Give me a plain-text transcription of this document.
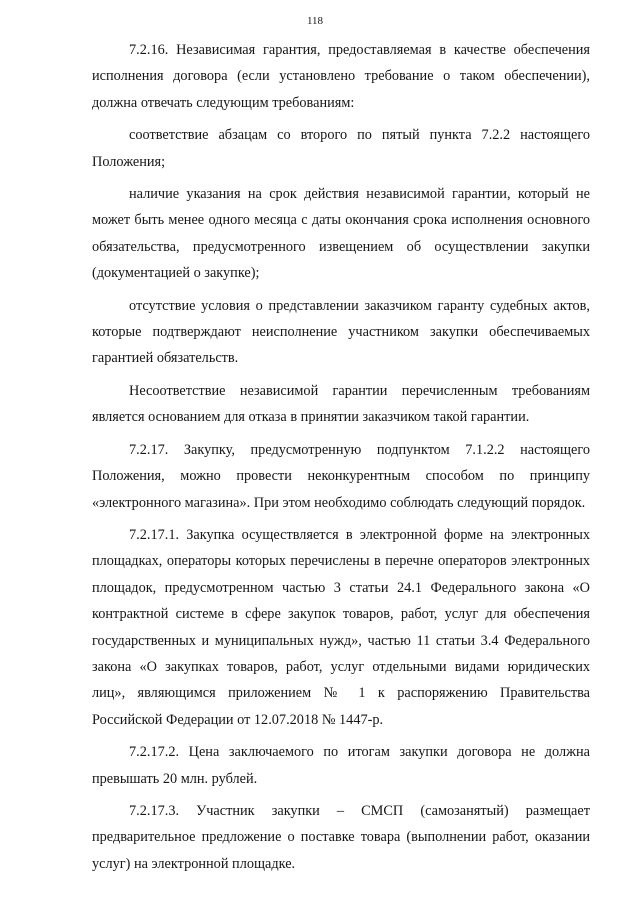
118

7.2.16. Независимая гарантия, предоставляемая в качестве обеспечения исполнения договора (если установлено требование о таком обеспечении), должна отвечать следующим требованиям:

соответствие абзацам со второго по пятый пункта 7.2.2 настоящего Положения;

наличие указания на срок действия независимой гарантии, который не может быть менее одного месяца с даты окончания срока исполнения основного обязательства, предусмотренного извещением об осуществлении закупки (документацией о закупке);

отсутствие условия о представлении заказчиком гаранту судебных актов, которые подтверждают неисполнение участником закупки обеспечиваемых гарантией обязательств.

Несоответствие независимой гарантии перечисленным требованиям является основанием для отказа в принятии заказчиком такой гарантии.

7.2.17. Закупку, предусмотренную подпунктом 7.1.2.2 настоящего Положения, можно провести неконкурентным способом по принципу «электронного магазина». При этом необходимо соблюдать следующий порядок.

7.2.17.1. Закупка осуществляется в электронной форме на электронных площадках, операторы которых перечислены в перечне операторов электронных площадок, предусмотренном частью 3 статьи 24.1 Федерального закона «О контрактной системе в сфере закупок товаров, работ, услуг для обеспечения государственных и муниципальных нужд», частью 11 статьи 3.4 Федерального закона «О закупках товаров, работ, услуг отдельными видами юридических лиц», являющимся приложением № 1 к распоряжению Правительства Российской Федерации от 12.07.2018 № 1447-р.

7.2.17.2. Цена заключаемого по итогам закупки договора не должна превышать 20 млн. рублей.

7.2.17.3. Участник закупки – СМСП (самозанятый) размещает предварительное предложение о поставке товара (выполнении работ, оказании услуг) на электронной площадке.
